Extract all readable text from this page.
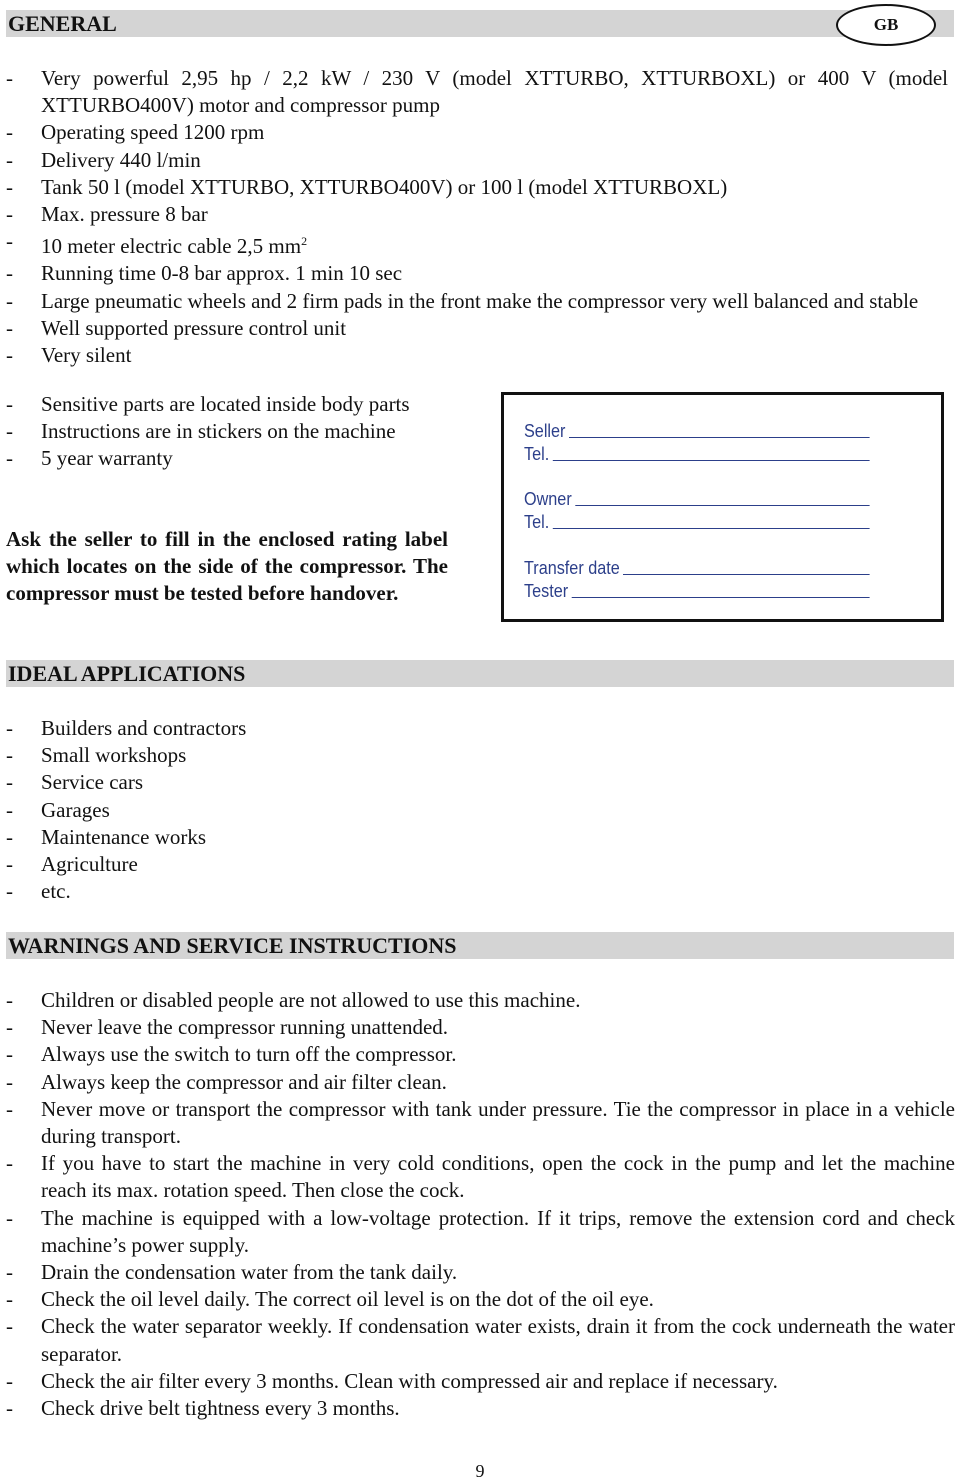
GENERAL	GB
- Very powerful 2,95 hp / 2,2 kW / 230 V (model XTTURBO, XTTURBOXL) or 400 V (model XTTURBO400V) motor and compressor pump
- Operating speed 1200 rpm
- Delivery 440 l/min
- Tank 50 l (model XTTURBO, XTTURBO400V) or 100 l (model XTTURBOXL)
- Max. pressure 8 bar
- 10 meter electric cable 2,5 $mm^2$
- Running time 0-8 bar approx. 1 min 10 sec
- Large pneumatic wheels and 2 firm pads in the front make the compressor very well balanced and stable
- Well supported pressure control unit
- Very silent
- Sensitive parts are located inside body parts
- Instructions are in stickers on the machine
- 5 year warranty

Ask the seller to fill in the enclosed rating label which locates on the side of the compressor. The compressor must be tested before handover.

Seller
Tel.
Owner
Tel.
Transfer date
Tester
IDEAL APPLICATIONS
- Builders and contractors
- Small workshops
- Service cars
- Garages
- Maintenance works
- Agriculture
- etc.
WARNINGS AND SERVICE INSTRUCTIONS
- Children or disabled people are not allowed to use this machine.
- Never leave the compressor running unattended.
- Always use the switch to turn off the compressor.
- Always keep the compressor and air filter clean.
- Never move or transport the compressor with tank under pressure. Tie the compressor in place in a vehicle during transport.
- If you have to start the machine in very cold conditions, open the cock in the pump and let the machine reach its max. rotation speed. Then close the cock.
- The machine is equipped with a low-voltage protection. If it trips, remove the extension cord and check machine’s power supply.
- Drain the condensation water from the tank daily.
- Check the oil level daily. The correct oil level is on the dot of the oil eye.
- Check the water separator weekly. If condensation water exists, drain it from the cock underneath the water separator.
- Check the air filter every 3 months. Clean with compressed air and replace if necessary.
- Check drive belt tightness every 3 months.
9
